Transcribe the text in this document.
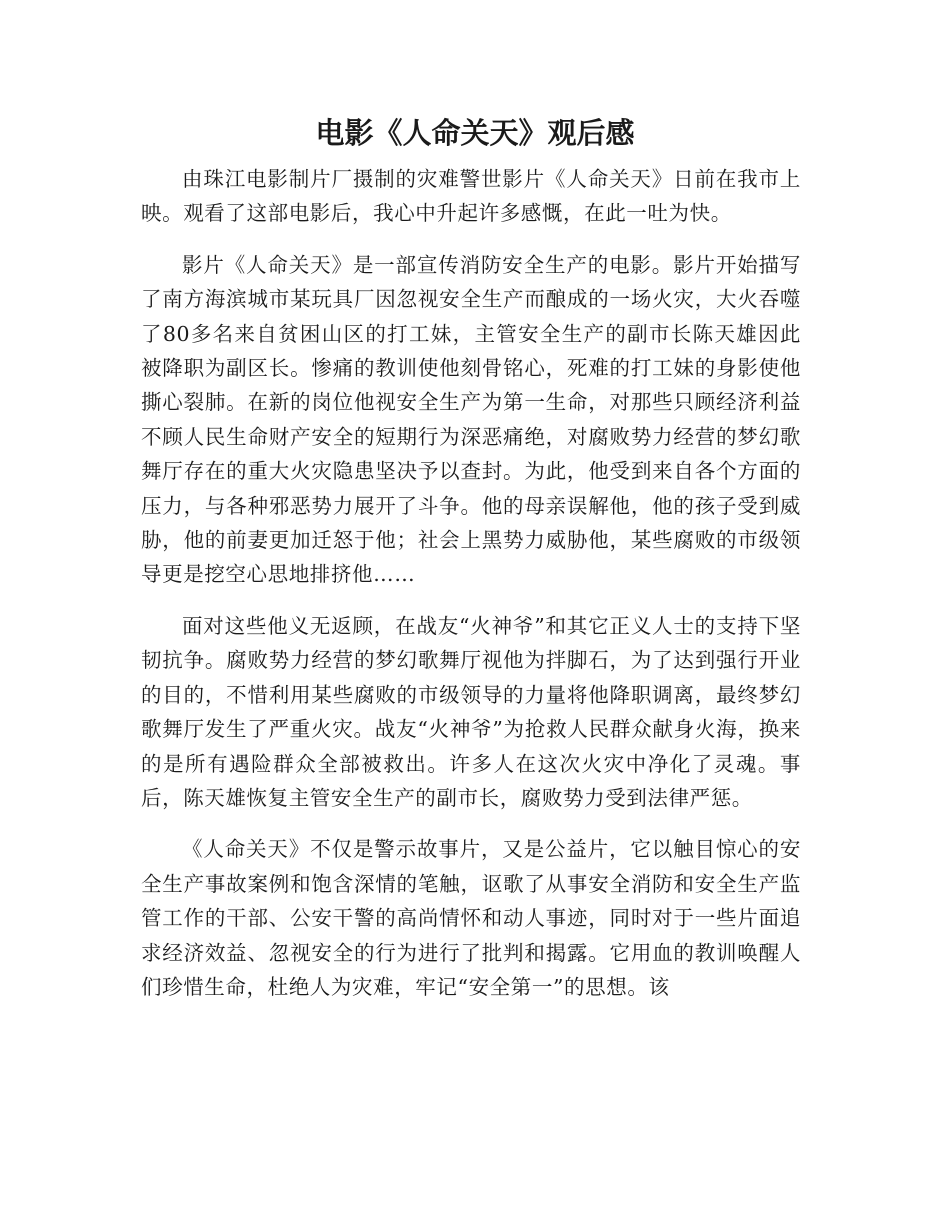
电影《人命关天》观后感

由珠江电影制片厂摄制的灾难警世影片《人命关天》日前在我市上映。观看了这部电影后，我心中升起许多感慨，在此一吐为快。

影片《人命关天》是一部宣传消防安全生产的电影。影片开始描写了南方海滨城市某玩具厂因忽视安全生产而酿成的一场火灾，大火吞噬了80多名来自贫困山区的打工妹，主管安全生产的副市长陈天雄因此被降职为副区长。惨痛的教训使他刻骨铭心，死难的打工妹的身影使他撕心裂肺。在新的岗位他视安全生产为第一生命，对那些只顾经济利益不顾人民生命财产安全的短期行为深恶痛绝，对腐败势力经营的梦幻歌舞厅存在的重大火灾隐患坚决予以查封。为此，他受到来自各个方面的压力，与各种邪恶势力展开了斗争。他的母亲误解他，他的孩子受到威胁，他的前妻更加迁怒于他；社会上黑势力威胁他，某些腐败的市级领导更是挖空心思地排挤他……

面对这些他义无返顾，在战友“火神爷”和其它正义人士的支持下坚韧抗争。腐败势力经营的梦幻歌舞厅视他为拌脚石，为了达到强行开业的目的，不惜利用某些腐败的市级领导的力量将他降职调离，最终梦幻歌舞厅发生了严重火灾。战友“火神爷”为抢救人民群众献身火海，换来的是所有遇险群众全部被救出。许多人在这次火灾中净化了灵魂。事后，陈天雄恢复主管安全生产的副市长，腐败势力受到法律严惩。

《人命关天》不仅是警示故事片，又是公益片，它以触目惊心的安全生产事故案例和饱含深情的笔触，讴歌了从事安全消防和安全生产监管工作的干部、公安干警的高尚情怀和动人事迹，同时对于一些片面追求经济效益、忽视安全的行为进行了批判和揭露。它用血的教训唤醒人们珍惜生命，杜绝人为灾难，牢记“安全第一”的思想。该
